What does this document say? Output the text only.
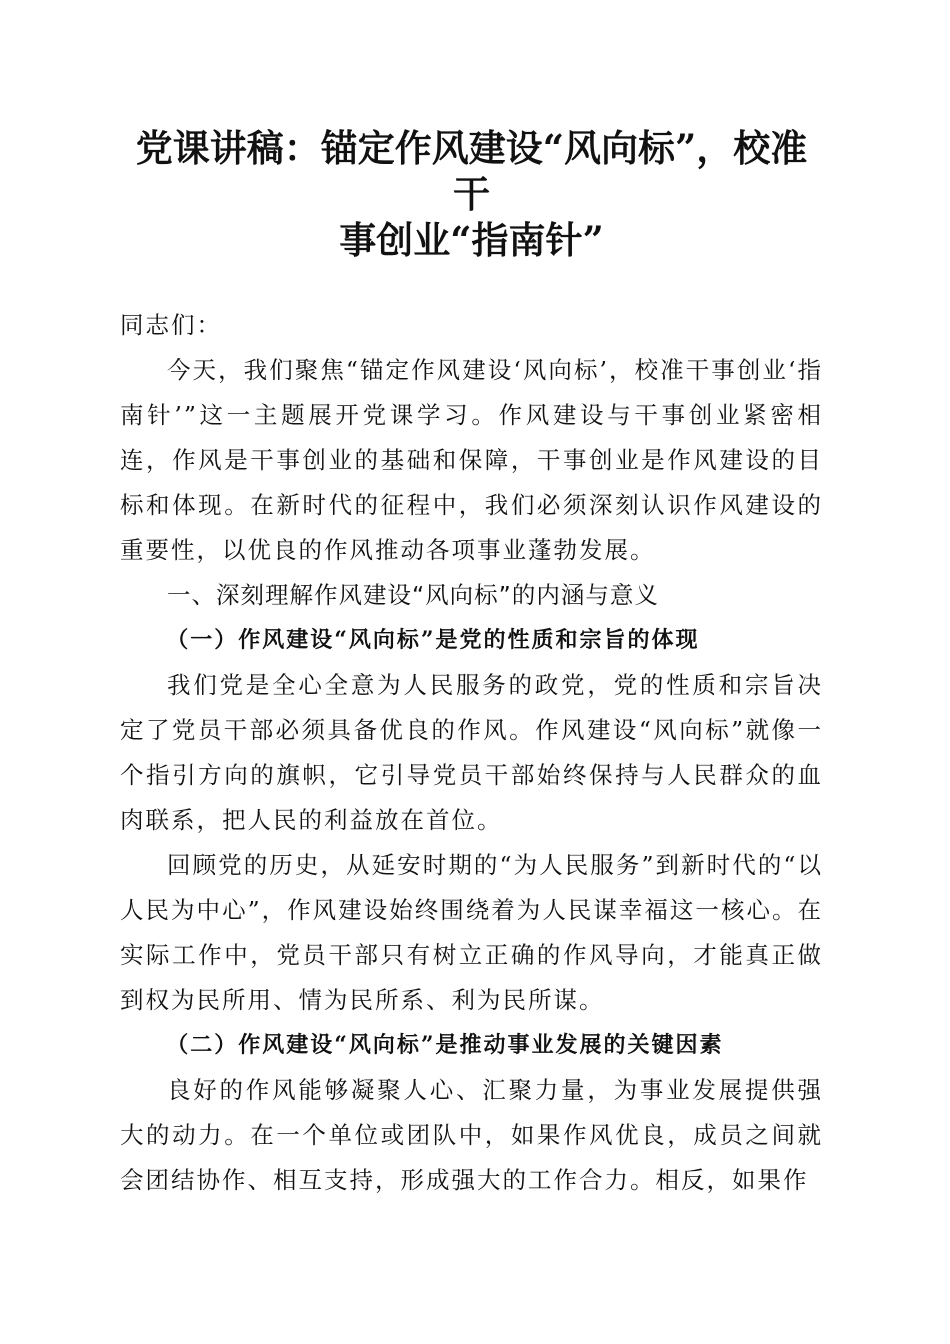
党课讲稿：锚定作风建设“风向标”，校准干
事创业“指南针”

同志们：

今天，我们聚焦“锚定作风建设‘风向标’，校准干事创业‘指南针’”这一主题展开党课学习。作风建设与干事创业紧密相连，作风是干事创业的基础和保障，干事创业是作风建设的目标和体现。在新时代的征程中，我们必须深刻认识作风建设的重要性，以优良的作风推动各项事业蓬勃发展。

一、深刻理解作风建设“风向标”的内涵与意义

（一）作风建设“风向标”是党的性质和宗旨的体现

我们党是全心全意为人民服务的政党，党的性质和宗旨决定了党员干部必须具备优良的作风。作风建设“风向标”就像一个指引方向的旗帜，它引导党员干部始终保持与人民群众的血肉联系，把人民的利益放在首位。

回顾党的历史，从延安时期的“为人民服务”到新时代的“以人民为中心”，作风建设始终围绕着为人民谋幸福这一核心。在实际工作中，党员干部只有树立正确的作风导向，才能真正做到权为民所用、情为民所系、利为民所谋。

（二）作风建设“风向标”是推动事业发展的关键因素

良好的作风能够凝聚人心、汇聚力量，为事业发展提供强大的动力。在一个单位或团队中，如果作风优良，成员之间就会团结协作、相互支持，形成强大的工作合力。相反，如果作
